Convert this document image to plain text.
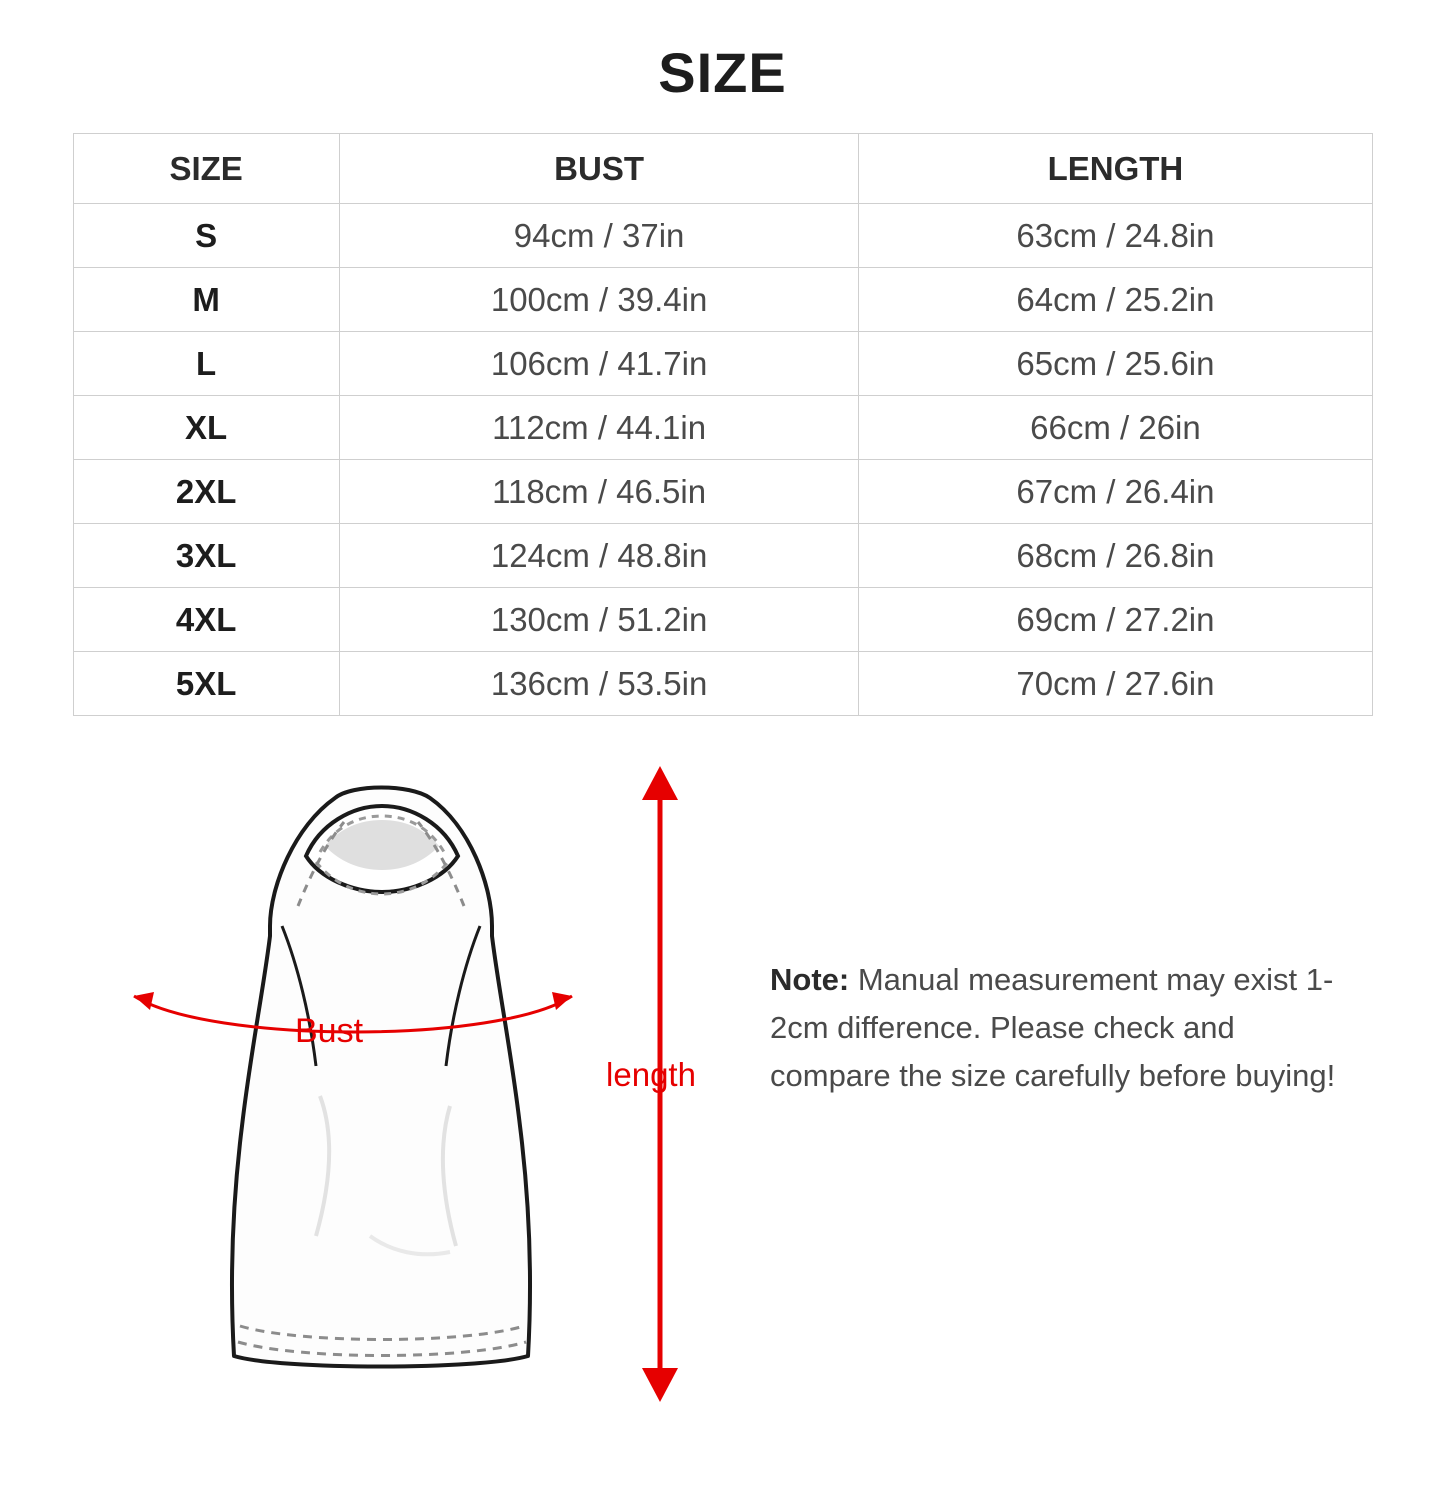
SIZE
SIZE	BUST	LENGTH
S	94cm / 37in	63cm / 24.8in
M	100cm / 39.4in	64cm / 25.2in
L	106cm / 41.7in	65cm / 25.6in
XL	112cm / 44.1in	66cm / 26in
2XL	118cm / 46.5in	67cm / 26.4in
3XL	124cm / 48.8in	68cm / 26.8in
4XL	130cm / 51.2in	69cm / 27.2in
5XL	136cm / 53.5in	70cm / 27.6in
Bust
length
Note: Manual measurement may exist 1-2cm difference. Please check and compare the size carefully before buying!
